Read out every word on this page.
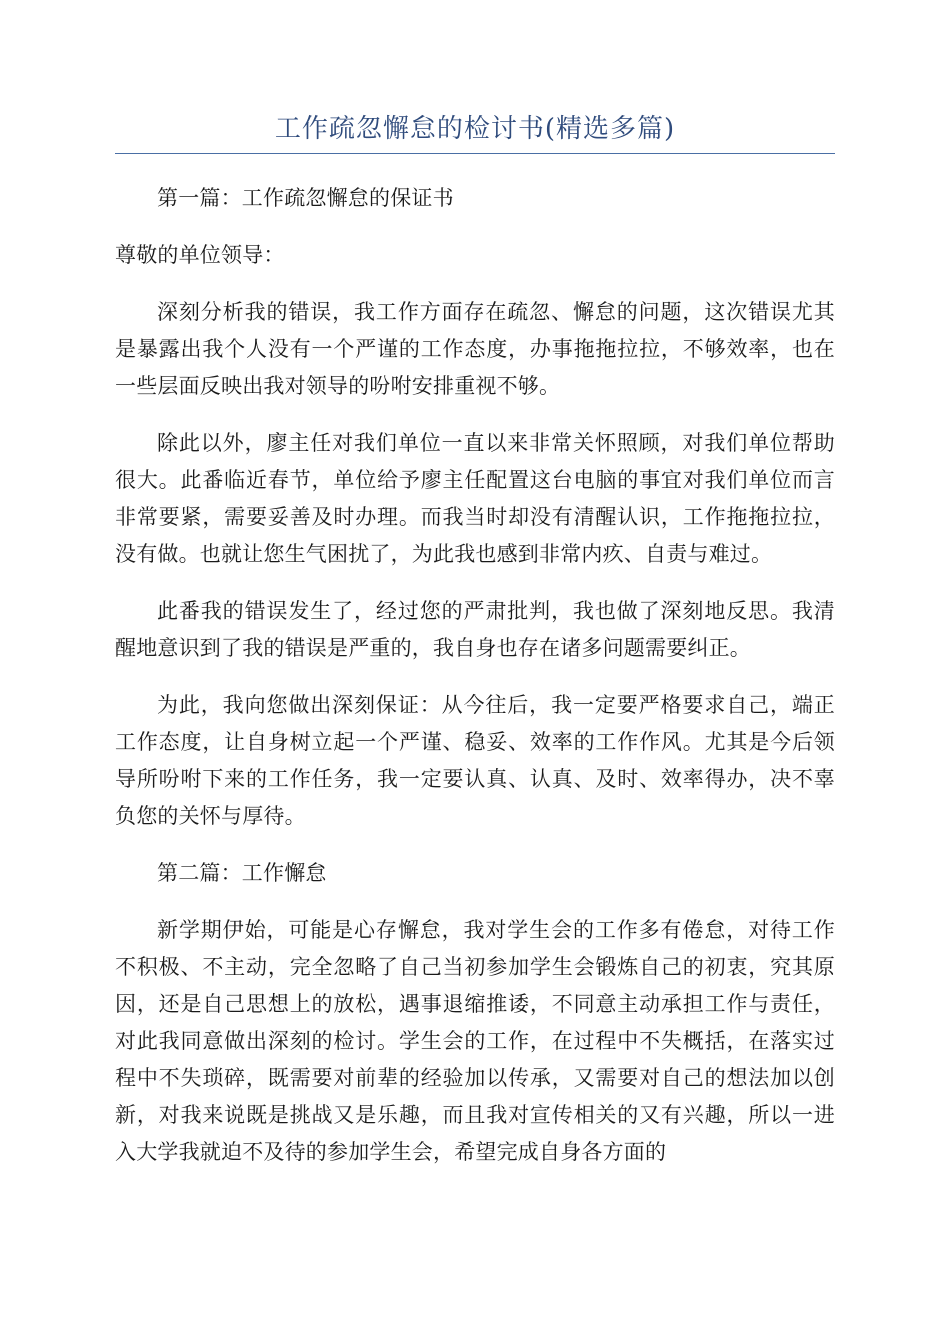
工作疏忽懈怠的检讨书(精选多篇)

第一篇：工作疏忽懈怠的保证书

尊敬的单位领导：

深刻分析我的错误，我工作方面存在疏忽、懈怠的问题，这次错误尤其是暴露出我个人没有一个严谨的工作态度，办事拖拖拉拉，不够效率，也在一些层面反映出我对领导的吩咐安排重视不够。

除此以外，廖主任对我们单位一直以来非常关怀照顾，对我们单位帮助很大。此番临近春节，单位给予廖主任配置这台电脑的事宜对我们单位而言非常要紧，需要妥善及时办理。而我当时却没有清醒认识，工作拖拖拉拉，没有做。也就让您生气困扰了，为此我也感到非常内疚、自责与难过。

此番我的错误发生了，经过您的严肃批判，我也做了深刻地反思。我清醒地意识到了我的错误是严重的，我自身也存在诸多问题需要纠正。

为此，我向您做出深刻保证：从今往后，我一定要严格要求自己，端正工作态度，让自身树立起一个严谨、稳妥、效率的工作作风。尤其是今后领导所吩咐下来的工作任务，我一定要认真、认真、及时、效率得办，决不辜负您的关怀与厚待。

第二篇：工作懈怠

新学期伊始，可能是心存懈怠，我对学生会的工作多有倦怠，对待工作不积极、不主动，完全忽略了自己当初参加学生会锻炼自己的初衷，究其原因，还是自己思想上的放松，遇事退缩推诿，不同意主动承担工作与责任，对此我同意做出深刻的检讨。学生会的工作，在过程中不失概括，在落实过程中不失琐碎，既需要对前辈的经验加以传承，又需要对自己的想法加以创新，对我来说既是挑战又是乐趣，而且我对宣传相关的又有兴趣，所以一进入大学我就迫不及待的参加学生会，希望完成自身各方面的
